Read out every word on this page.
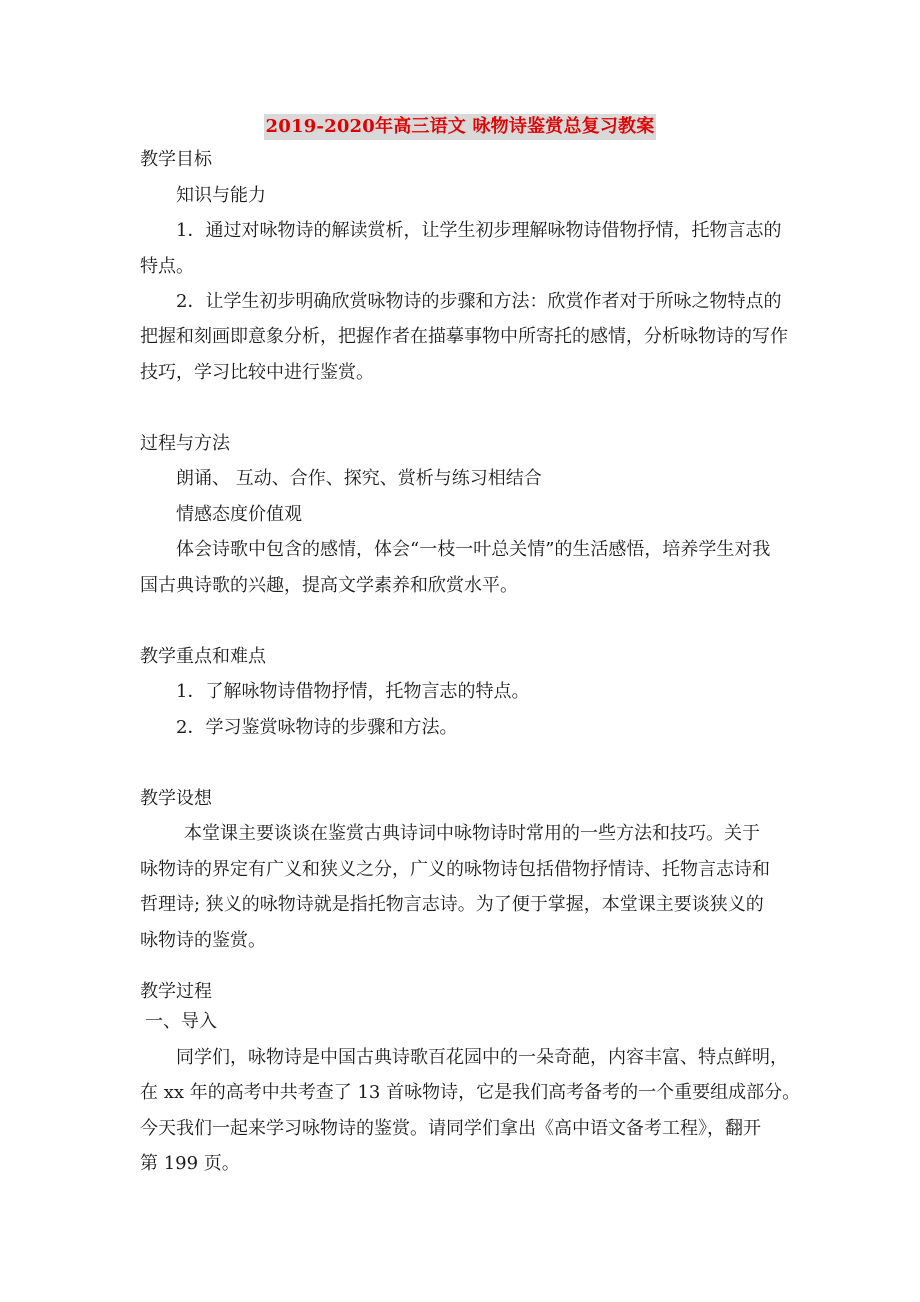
2019-2020年高三语文 咏物诗鉴赏总复习教案
教学目标
知识与能力
1．通过对咏物诗的解读赏析，让学生初步理解咏物诗借物抒情，托物言志的
特点。
2．让学生初步明确欣赏咏物诗的步骤和方法：欣赏作者对于所咏之物特点的
把握和刻画即意象分析，把握作者在描摹事物中所寄托的感情，分析咏物诗的写作
技巧，学习比较中进行鉴赏。
过程与方法
朗诵、 互动、合作、探究、赏析与练习相结合
情感态度价值观
体会诗歌中包含的感情，体会“一枝一叶总关情”的生活感悟，培养学生对我
国古典诗歌的兴趣，提高文学素养和欣赏水平。
教学重点和难点
1．了解咏物诗借物抒情，托物言志的特点。
2．学习鉴赏咏物诗的步骤和方法。
教学设想
本堂课主要谈谈在鉴赏古典诗词中咏物诗时常用的一些方法和技巧。关于
咏物诗的界定有广义和狭义之分，广义的咏物诗包括借物抒情诗、托物言志诗和
哲理诗; 狭义的咏物诗就是指托物言志诗。为了便于掌握，本堂课主要谈狭义的
咏物诗的鉴赏。
教学过程
一、导入
同学们，咏物诗是中国古典诗歌百花园中的一朵奇葩，内容丰富、特点鲜明，
在 xx 年的高考中共考查了 13 首咏物诗，它是我们高考备考的一个重要组成部分。
今天我们一起来学习咏物诗的鉴赏。请同学们拿出《高中语文备考工程》，翻开
第 199 页。
